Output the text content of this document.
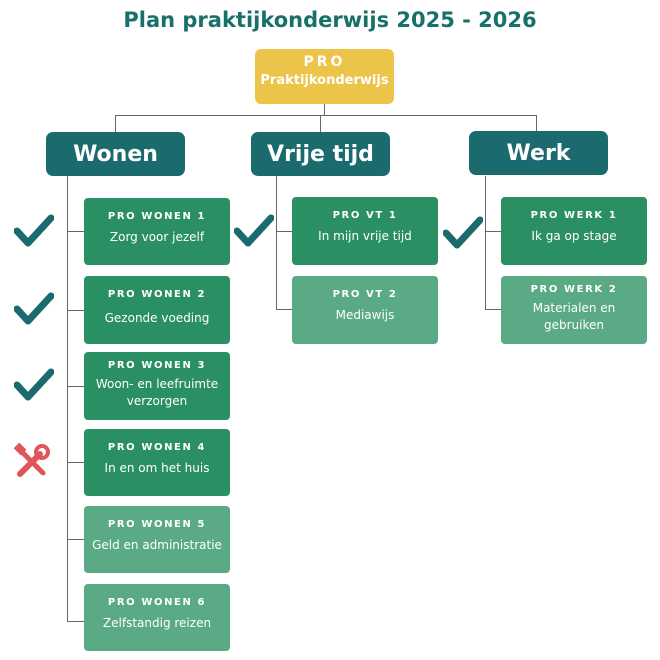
Plan praktijkonderwijs 2025 - 2026
PRO
Praktijkonderwijs
Wonen	Vrije tijd	Werk
PRO WONEN 1
Zorg voor jezelf
PRO WONEN 2
Gezonde voeding
PRO WONEN 3
Woon- en leefruimte verzorgen
PRO WONEN 4
In en om het huis
PRO WONEN 5
Geld en administratie
PRO WONEN 6
Zelfstandig reizen
PRO VT 1
In mijn vrije tijd
PRO VT 2
Mediawijs
PRO WERK 1
Ik ga op stage
PRO WERK 2
Materialen en gebruiken
